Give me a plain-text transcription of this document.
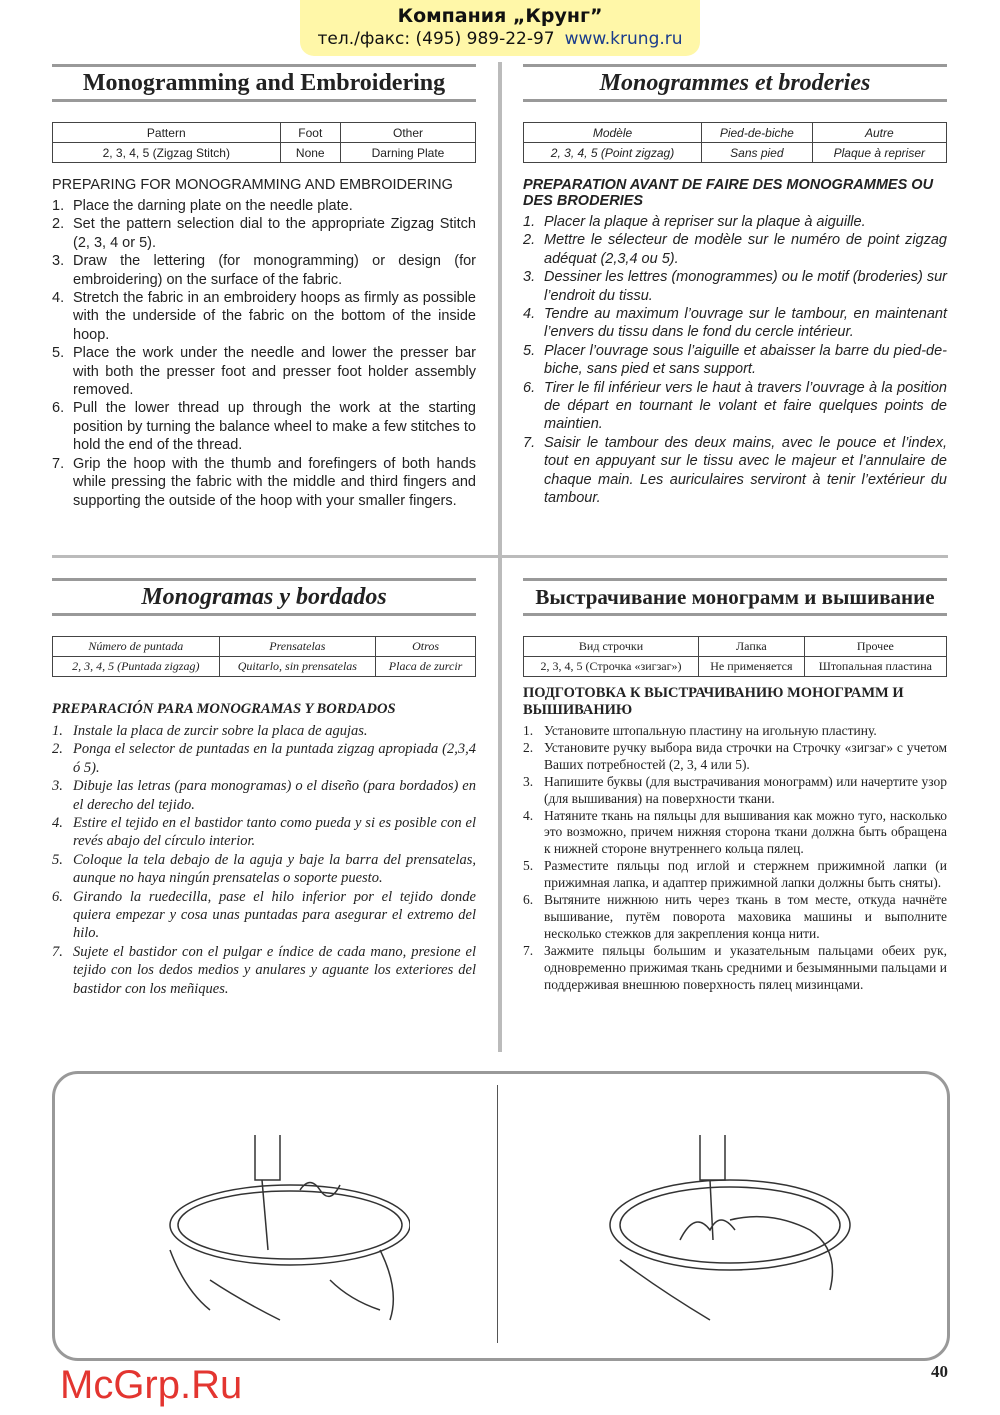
Компания „Крунг”
тел./факс: (495) 989-22-97 www.krung.ru
Monogramming and Embroidering
Pattern	Foot	Other
2, 3, 4, 5 (Zigzag Stitch)	None	Darning Plate
PREPARING FOR MONOGRAMMING AND EMBROIDERING
1. Place the darning plate on the needle plate.
2. Set the pattern selection dial to the appropriate Zigzag Stitch (2, 3, 4 or 5).
3. Draw the lettering (for monogramming) or design (for embroidering) on the surface of the fabric.
4. Stretch the fabric in an embroidery hoops as firmly as possible with the underside of the fabric on the bottom of the inside hoop.
5. Place the work under the needle and lower the presser bar with both the presser foot and presser foot holder assembly removed.
6. Pull the lower thread up through the work at the starting position by turning the balance wheel to make a few stitches to hold the end of the thread.
7. Grip the hoop with the thumb and forefingers of both hands while pressing the fabric with the middle and third fingers and supporting the outside of the hoop with your smaller fingers.
Monogrammes et broderies
Modèle	Pied-de-biche	Autre
2, 3, 4, 5 (Point zigzag)	Sans pied	Plaque à repriser
PREPARATION AVANT DE FAIRE DES MONOGRAMMES OU DES BRODERIES
1. Placer la plaque à repriser sur la plaque à aiguille.
2. Mettre le sélecteur de modèle sur le numéro de point zigzag adéquat (2,3,4 ou 5).
3. Dessiner les lettres (monogrammes) ou le motif (broderies) sur l’endroit du tissu.
4. Tendre au maximum l’ouvrage sur le tambour, en maintenant l’envers du tissu dans le fond du cercle intérieur.
5. Placer l’ouvrage sous l’aiguille et abaisser la barre du pied-de-biche, sans pied et sans support.
6. Tirer le fil inférieur vers le haut à travers l’ouvrage à la position de départ en tournant le volant et faire quelques points de maintien.
7. Saisir le tambour des deux mains, avec le pouce et l’index, tout en appuyant sur le tissu avec le majeur et l’annulaire de chaque main. Les auriculaires serviront à tenir l’extérieur du tambour.
Monogramas y bordados
Número de puntada	Prensatelas	Otros
2, 3, 4, 5 (Puntada zigzag)	Quitarlo, sin prensatelas	Placa de zurcir
PREPARACIÓN PARA MONOGRAMAS Y BORDADOS
1. Instale la placa de zurcir sobre la placa de agujas.
2. Ponga el selector de puntadas en la puntada zigzag apropiada (2,3,4 ó 5).
3. Dibuje las letras (para monogramas) o el diseño (para bordados) en el derecho del tejido.
4. Estire el tejido en el bastidor tanto como pueda y si es posible con el revés abajo del círculo interior.
5. Coloque la tela debajo de la aguja y baje la barra del prensatelas, aunque no haya ningún prensatelas o soporte puesto.
6. Girando la ruedecilla, pase el hilo inferior por el tejido donde quiera empezar y cosa unas puntadas para asegurar el extremo del hilo.
7. Sujete el bastidor con el pulgar e índice de cada mano, presione el tejido con los dedos medios y anulares y aguante los exteriores del bastidor con los meñiques.
Выстрачивание монограмм и вышивание
Вид строчки	Лапка	Прочее
2, 3, 4, 5 (Строчка «зигзаг»)	Не применяется	Штопальная пластина
ПОДГОТОВКА К ВЫСТРАЧИВАНИЮ МОНОГРАММ И ВЫШИВАНИЮ
1. Установите штопальную пластину на игольную пластину.
2. Установите ручку выбора вида строчки на Строчку «зигзаг» с учетом Ваших потребностей (2, 3, 4 или 5).
3. Напишите буквы (для выстрачивания монограмм) или начертите узор (для вышивания) на поверхности ткани.
4. Натяните ткань на пяльцы для вышивания как можно туго, насколько это возможно, причем нижняя сторона ткани должна быть обращена к нижней стороне внутреннего кольца пялец.
5. Разместите пяльцы под иглой и стержнем прижимной лапки (и прижимная лапка, и адаптер прижимной лапки должны быть сняты).
6. Вытяните нижнюю нить через ткань в том месте, откуда начнёте вышивание, путём поворота маховика машины и выполните несколько стежков для закрепления конца нити.
7. Зажмите пяльцы большим и указательным пальцами обеих рук, одновременно прижимая ткань средними и безымянными пальцами и поддерживая внешнюю поверхность пялец мизинцами.
McGrp.Ru	40
